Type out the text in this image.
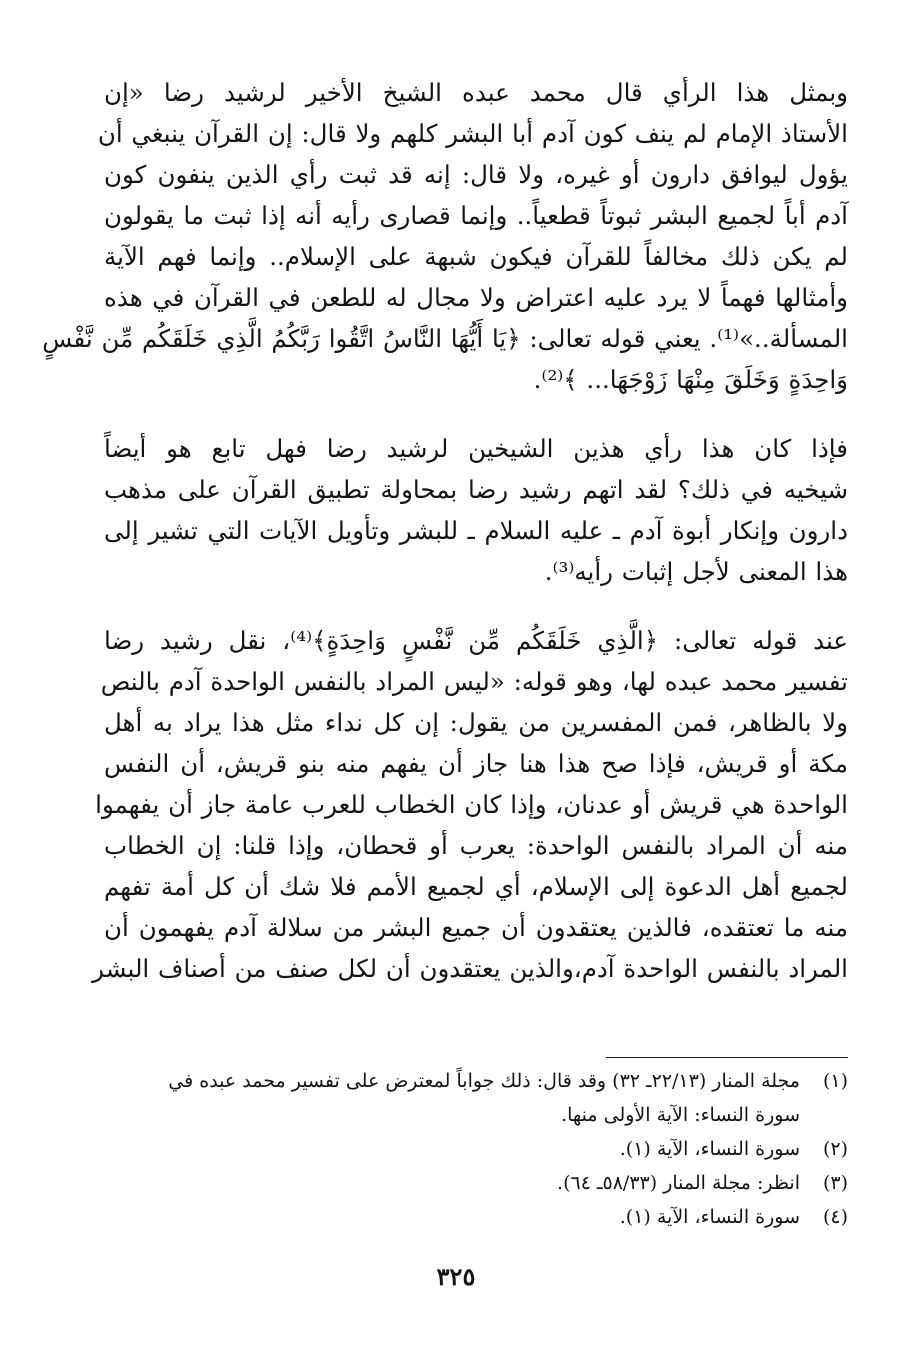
وبمثل هذا الرأي قال محمد عبده الشيخ الأخير لرشيد رضا «إن
الأستاذ الإمام لم ينف كون آدم أبا البشر كلهم ولا قال: إن القرآن ينبغي أن
يؤول ليوافق دارون أو غيره، ولا قال: إنه قد ثبت رأي الذين ينفون كون
آدم أباً لجميع البشر ثبوتاً قطعياً.. وإنما قصارى رأيه أنه إذا ثبت ما يقولون
لم يكن ذلك مخالفاً للقرآن فيكون شبهة على الإسلام.. وإنما فهم الآية
وأمثالها فهماً لا يرد عليه اعتراض ولا مجال له للطعن في القرآن في هذه
المسألة..»⁽¹⁾. يعني قوله تعالى: ﴿يَا أَيُّهَا النَّاسُ اتَّقُوا رَبَّكُمُ الَّذِي خَلَقَكُم مِّن نَّفْسٍ
وَاحِدَةٍ وَخَلَقَ مِنْهَا زَوْجَهَا... ﴾⁽²⁾.

فإذا كان هذا رأي هذين الشيخين لرشيد رضا فهل تابع هو أيضاً
شيخيه في ذلك؟ لقد اتهم رشيد رضا بمحاولة تطبيق القرآن على مذهب
دارون وإنكار أبوة آدم ـ عليه السلام ـ للبشر وتأويل الآيات التي تشير إلى
هذا المعنى لأجل إثبات رأيه⁽³⁾.

عند قوله تعالى: ﴿الَّذِي خَلَقَكُم مِّن نَّفْسٍ وَاحِدَةٍ﴾⁽⁴⁾، نقل رشيد رضا
تفسير محمد عبده لها، وهو قوله: «ليس المراد بالنفس الواحدة آدم بالنص
ولا بالظاهر، فمن المفسرين من يقول: إن كل نداء مثل هذا يراد به أهل
مكة أو قريش، فإذا صح هذا هنا جاز أن يفهم منه بنو قريش، أن النفس
الواحدة هي قريش أو عدنان، وإذا كان الخطاب للعرب عامة جاز أن يفهموا
منه أن المراد بالنفس الواحدة: يعرب أو قحطان، وإذا قلنا: إن الخطاب
لجميع أهل الدعوة إلى الإسلام، أي لجميع الأمم فلا شك أن كل أمة تفهم
منه ما تعتقده، فالذين يعتقدون أن جميع البشر من سلالة آدم يفهمون أن
المراد بالنفس الواحدة آدم،والذين يعتقدون أن لكل صنف من أصناف البشر

(١)
مجلة المنار (٢٢/١٣ـ ٣٢) وقد قال: ذلك جواباً لمعترض على تفسير محمد عبده في
سورة النساء: الآية الأولى منها.
(٢)
سورة النساء، الآية (١).
(٣)
انظر: مجلة المنار (٥٨/٣٣ـ ٦٤).
(٤)
سورة النساء، الآية (١).
٣٢٥
